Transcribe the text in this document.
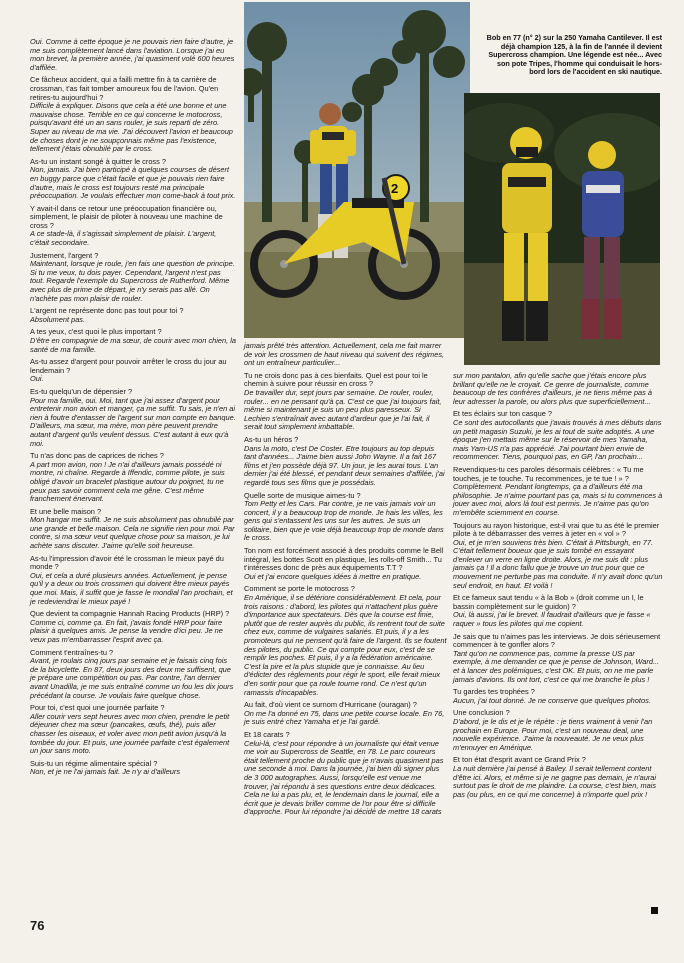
2
Bob en 77 (n° 2) sur la 250 Yamaha Cantilever. Il est déjà champion 125, à la fin de l'année il devient Supercross champion. Une légende est née... Avec son pote Tripes, l'homme qui conduisait le hors-bord lors de l'accident en ski nautique.

Oui. Comme à cette époque je ne pouvais rien faire d'autre, je me suis complètement lancé dans l'aviation. Lorsque j'ai eu mon brevet, la première année, j'ai quasiment volé 600 heures d'affilée.

Ce fâcheux accident, qui a failli mettre fin à ta carrière de crossman, t'as fait tomber amoureux fou de l'avion. Qu'en retires-tu aujourd'hui ?
Difficile à expliquer. Disons que cela a été une bonne et une mauvaise chose. Terrible en ce qui concerne le motocross, puisqu'avant été un an sans rouler, je suis reparti de zéro. Super au niveau de ma vie. J'ai découvert l'avion et beaucoup de choses dont je ne soupçonnais même pas l'existence, tellement j'étais obnubilé par le cross.

As-tu un instant songé à quitter le cross ?
Non, jamais. J'ai bien participé à quelques courses de désert en buggy parce que c'était facile et que je pouvais rien faire d'autre, mais le cross est toujours resté ma principale préoccupation. Je voulais effectuer mon come-back à tout prix.

Y avait-il dans ce retour une préoccupation financière ou, simplement, le plaisir de piloter à nouveau une machine de cross ?
A ce stade-là, il s'agissait simplement de plaisir. L'argent, c'était secondaire.

Justement, l'argent ?
Maintenant, lorsque je roule, j'en fais une question de principe. Si tu me veux, tu dois payer. Cependant, l'argent n'est pas tout. Regarde l'exemple du Supercross de Rutherford. Même avec plus de prime de départ, je n'y serais pas allé. On n'achète pas mon plaisir de rouler.

L'argent ne représente donc pas tout pour toi ?
Absolument pas.

A tes yeux, c'est quoi le plus important ?
D'être en compagnie de ma sœur, de courir avec mon chien, la santé de ma famille.

As-tu assez d'argent pour pouvoir arrêter le cross du jour au lendemain ?
Oui.

Es-tu quelqu'un de dépensier ?
Pour ma famille, oui. Moi, tant que j'ai assez d'argent pour entretenir mon avion et manger, ça me suffit. Tu sais, je n'en ai rien à foutre d'entasser de l'argent sur mon compte en banque. D'ailleurs, ma sœur, ma mère, mon père peuvent prendre autant d'argent qu'ils veulent dessus. C'est autant à eux qu'à moi.

Tu n'as donc pas de caprices de riches ?
A part mon avion, non ! Je n'ai d'ailleurs jamais possédé ni montre, ni chaîne. Regarde à Iffendic, comme pilote, je suis obligé d'avoir un bracelet plastique autour du poignet, tu ne peux pas savoir comment cela me gêne. C'est même franchement énervant.

Et une belle maison ?
Mon hangar me suffit. Je ne suis absolument pas obnubilé par une grande et belle maison. Cela ne signifie rien pour moi. Par contre, si ma sœur veut quelque chose pour sa maison, je lui achète sans discuter. J'aime qu'elle soit heureuse.

As-tu l'impression d'avoir été le crossman le mieux payé du monde ?
Oui, et cela a duré plusieurs années. Actuellement, je pense qu'il y a deux ou trois crossmen qui doivent être mieux payés que moi. Mais, il suffit que je fasse le mondial l'an prochain, et je redeviendrai le mieux payé !

Que devient ta compagnie Hannah Racing Products (HRP) ?
Comme ci, comme ça. En fait, j'avais fondé HRP pour faire plaisir à quelques amis. Je pense la vendre d'ici peu. Je ne veux pas m'embarrasser l'esprit avec ça.

Comment t'entraînes-tu ?
Avant, je roulais cinq jours par semaine et je faisais cinq fois de la bicyclette. En 87, deux jours des deux me suffisent, que je prépare une compétition ou pas. Par contre, l'an dernier avant Unadilla, je me suis entraîné comme un fou les dix jours précédant la course. Je voulais faire quelque chose.

Pour toi, c'est quoi une journée parfaite ?
Aller courir vers sept heures avec mon chien, prendre le petit déjeuner chez ma sœur (pancakes, œufs, thé), puis aller chasser les oiseaux, et voler avec mon petit avion jusqu'à la tombée du jour. Et puis, une journée parfaite c'est également un jour sans moto.

Suis-tu un régime alimentaire spécial ?
Non, et je ne l'ai jamais fait. Je n'y ai d'ailleurs

jamais prêté très attention. Actuellement, cela me fait marrer de voir les crossmen de haut niveau qui suivent des régimes, ont un entraîneur particulier...

Tu ne crois donc pas à ces bienfaits. Quel est pour toi le chemin à suivre pour réussir en cross ?
De travailler dur, sept jours par semaine. De rouler, rouler, rouler... en ne pensant qu'à ça. C'est ce que j'ai toujours fait, même si maintenant je suis un peu plus paresseux. Si Lechien s'entraînait avec autant d'ardeur que je l'ai fait, il serait tout simplement imbattable.

As-tu un héros ?
Dans la moto, c'est De Coster. Etre toujours au top depuis tant d'années... J'aime bien aussi John Wayne. Il a fait 167 films et j'en possède déjà 97. Un jour, je les aurai tous. L'an dernier j'ai été blessé, et pendant deux semaines d'affilée, j'ai regardé tous ses films que je possédais.

Quelle sorte de musique aimes-tu ?
Tom Petty et les Cars. Par contre, je ne vais jamais voir un concert, il y a beaucoup trop de monde. Je hais les villes, les gens qui s'entassent les uns sur les autres. Je suis un solitaire, bien que je voie déjà beaucoup trop de monde dans le cross.

Ton nom est forcément associé à des produits comme le Bell intégral, les bottes Scott en plastique, les rolls-off Smith... Tu t'intéresses donc de près aux équipements T.T ?
Oui et j'ai encore quelques idées à mettre en pratique.

Comment se porte le motocross ?
En Amérique, il se détériore considérablement. Et cela, pour trois raisons : d'abord, les pilotes qui n'attachent plus guère d'importance aux spectateurs. Dès que la course est finie, plutôt que de rester auprès du public, ils rentrent tout de suite chez eux, comme de vulgaires salariés. Et puis, il y a les promoteurs qui ne pensent qu'à faire de l'argent. Ils se foutent des pilotes, du public. Ce qui compte pour eux, c'est de se remplir les poches. Et puis, il y a la fédération américaine. C'est la pire et la plus stupide que je connaisse. Au lieu d'édicter des règlements pour régir le sport, elle ferait mieux d'en sortir pour que ça roule tourne rond. Ce n'est qu'un ramassis d'incapables.

Au fait, d'où vient ce surnom d'Hurricane (ouragan) ?
On me l'a donné en 75, dans une petite course locale. En 76, je suis entré chez Yamaha et je l'ai gardé.

Et 18 carats ?
Celui-là, c'est pour répondre à un journaliste qui était venue me voir au Supercross de Seattle, en 78. Le parc coureurs était tellement proche du public que je n'avais quasiment pas une seconde à moi. Dans la journée, j'ai bien dû signer plus de 3 000 autographes. Aussi, lorsqu'elle est venue me trouver, j'ai répondu à ses questions entre deux dédicaces. Cela ne lui a pas plu, et, le lendemain dans le journal, elle a écrit que je devais briller comme de l'or pour être si difficile d'approche. Pour lui répondre j'ai décidé de mettre 18 carats

sur mon pantalon, afin qu'elle sache que j'étais encore plus brillant qu'elle ne le croyait. Ce genre de journaliste, comme beaucoup de tes confrères d'ailleurs, je ne tiens même pas à leur adresser la parole, ou alors plus que superficiellement...

Et tes éclairs sur ton casque ?
Ce sont des autocollants que j'avais trouvés à mes débuts dans un petit magasin Suzuki, je les ai tout de suite adoptés. A une époque j'en mettais même sur le réservoir de mes Yamaha, mais Yam-US n'a pas apprécié. J'ai pourtant bien envie de recommencer. Tiens, pourquoi pas, en GP, l'an prochain...

Revendiques-tu ces paroles désormais célèbres : « Tu me touches, je te touche. Tu recommences, je te tue ! » ?
Complètement. Pendant longtemps, ça a d'ailleurs été ma philosophie. Je n'aime pourtant pas ça, mais si tu commences à jouer avec moi, alors là tout est permis. Je n'aime pas qu'on m'embête sciemment en course.

Toujours au rayon historique, est-il vrai que tu as été le premier pilote à te débarrasser des verres à jeter en « vol » ?
Oui, et je m'en souviens très bien. C'était à Pittsburgh, en 77. C'était tellement boueux que je suis tombé en essayant d'enlever un verre en ligne droite. Alors, je me suis dit : plus jamais ça ! Il a donc fallu que je trouve un truc pour que ce mouvement ne perturbe pas ma conduite. Il n'y avait donc qu'un seul endroit, en haut. Et voilà !

Et ce fameux saut tendu « à la Bob » (droit comme un I, le bassin complètement sur le guidon) ?
Oui, là aussi, j'ai le brevet. Il faudrait d'ailleurs que je fasse « raquer » tous les pilotes qui me copient.

Je sais que tu n'aimes pas les interviews. Je dois sérieusement commencer à te gonfler alors ?
Tant qu'on ne commence pas, comme la presse US par exemple, à me demander ce que je pense de Johnson, Ward... et à lancer des polémiques, c'est OK. Et puis, on ne me parle jamais d'avions. Ils ont tort, c'est ce qui me branche le plus !

Tu gardes tes trophées ?
Aucun, j'ai tout donné. Je ne conserve que quelques photos.

Une conclusion ?
D'abord, je le dis et je le répète : je tiens vraiment à venir l'an prochain en Europe. Pour moi, c'est un nouveau deal, une nouvelle expérience. J'aime la nouveauté. Je ne veux plus m'ennuyer en Amérique.

Et ton état d'esprit avant ce Grand Prix ?
La nuit dernière j'ai pensé à Bailey. Il serait tellement content d'être ici. Alors, et même si je ne gagne pas demain, je n'aurai surtout pas le droit de me plaindre. La course, c'est bien, mais pas (ou plus, en ce qui me concerne) à n'importe quel prix !

76
